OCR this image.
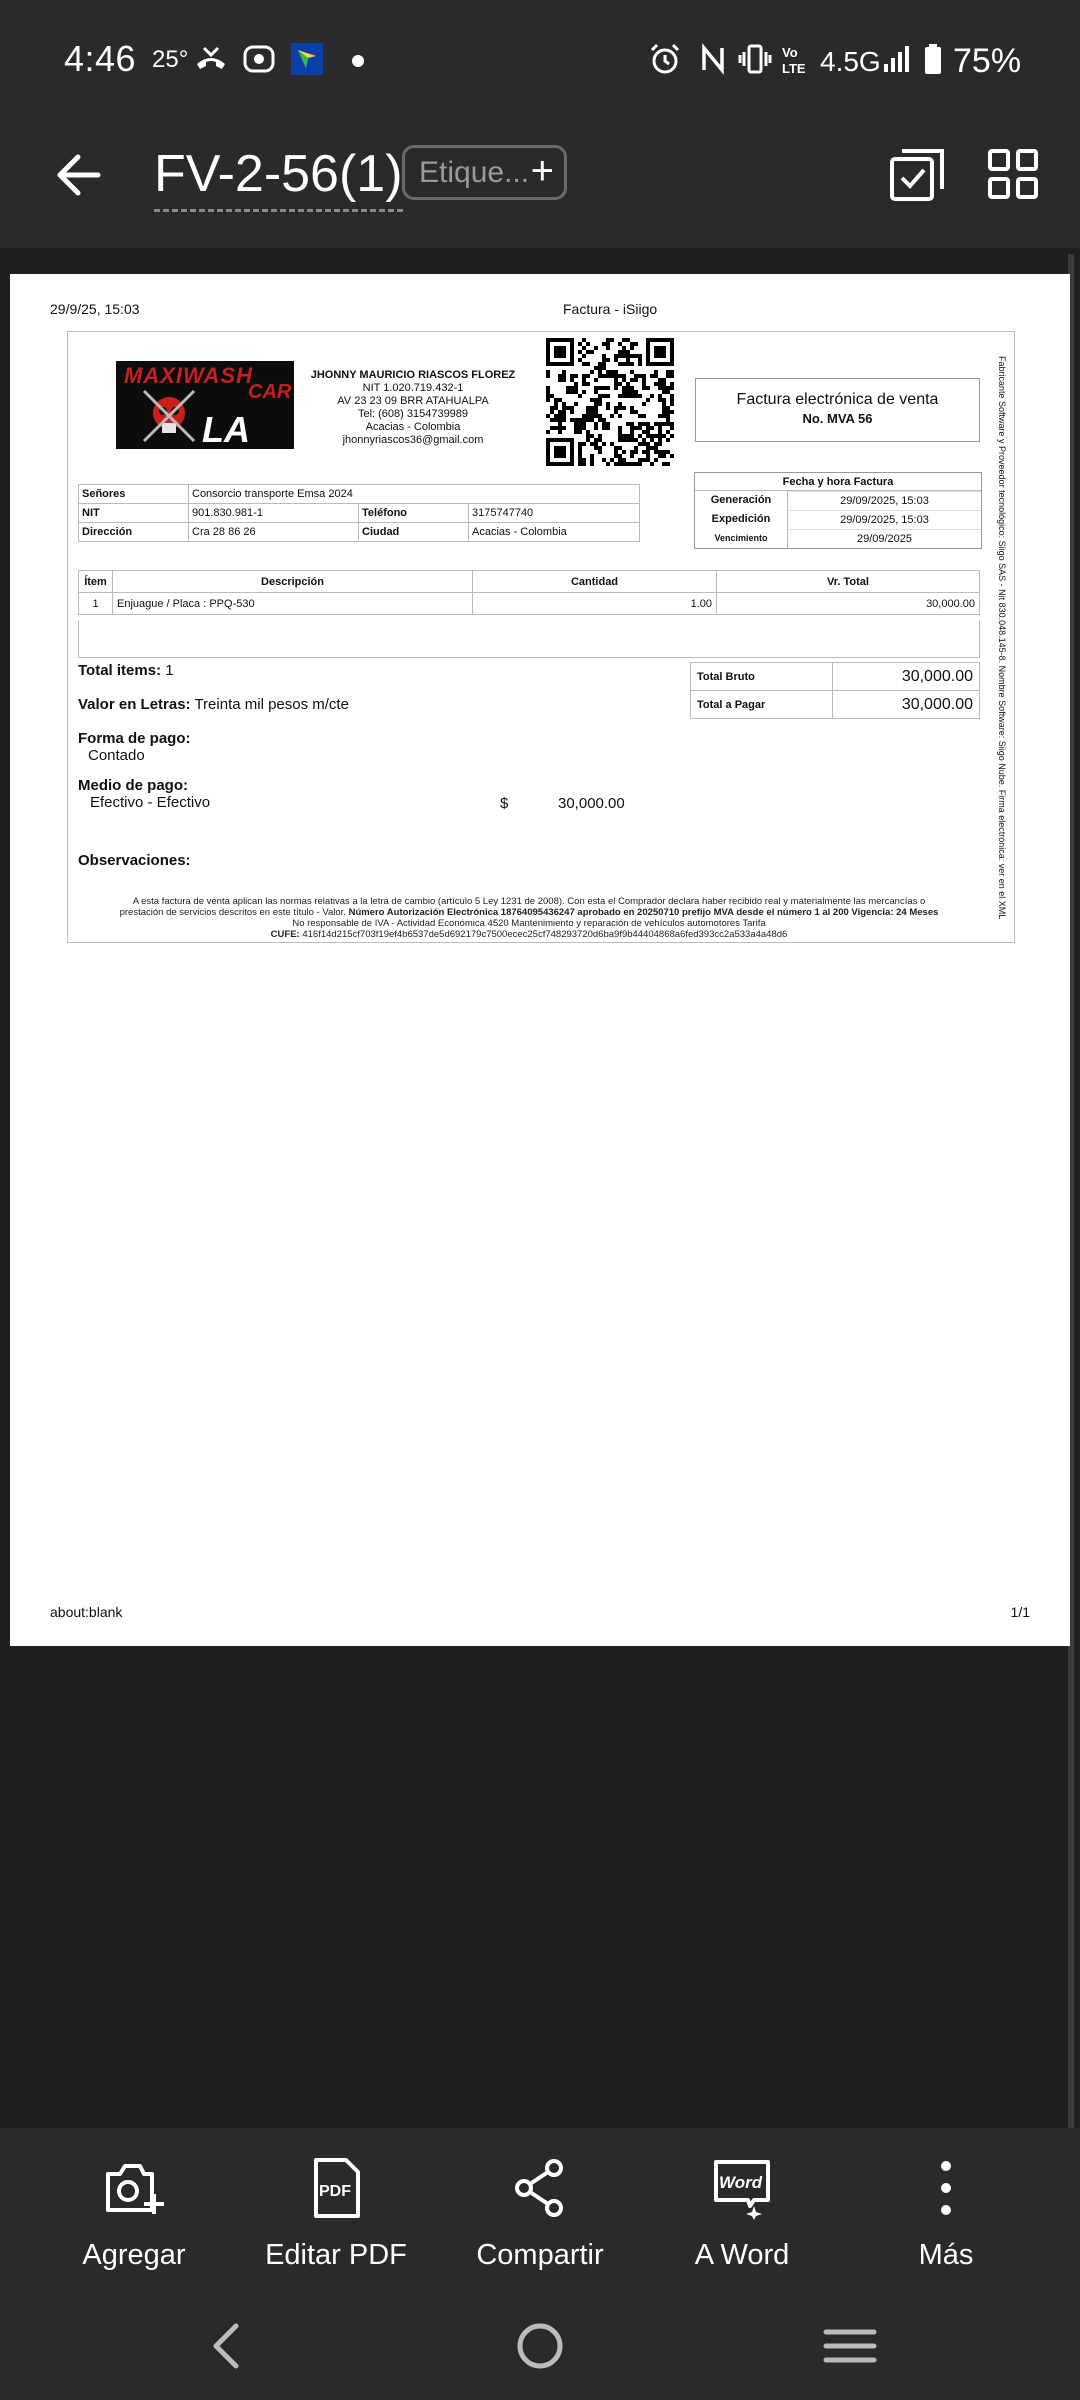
4:46 25°	Vo
LTE 4.5G 75%
FV-2-56(1) Etique... +
29/9/25, 15:03	Factura - iSiigo
MAXIWASH
CAR
LA 19
JHONNY MAURICIO RIASCOS FLOREZ
NIT 1.020.719.432-1
AV 23 23 09 BRR ATAHUALPA
Tel: (608) 3154739989
Acacias - Colombia
jhonnyriascos36@gmail.com
Factura electrónica de venta
No. MVA 56
Señores	Consorcio transporte Emsa 2024		
NIT	901.830.981-1	Teléfono	3175747740
Dirección	Cra 28 86 26	Ciudad	Acacias - Colombia
Fecha y hora Factura
Generación	29/09/2025, 15:03
Expedición	29/09/2025, 15:03
Vencimiento	29/09/2025
Ítem	Descripción	Cantidad	Vr. Total
1	Enjuague / Placa : PPQ-530	1.00	30,000.00
Total items: 1	Total Bruto	30,000.00
Total a Pagar	30,000.00
Valor en Letras: Treinta mil pesos m/cte
Forma de pago:
Contado
Medio de pago:
Efectivo - Efectivo	$	30,000.00
Observaciones:
A esta factura de venta aplican las normas relativas a la letra de cambio (artículo 5 Ley 1231 de 2008). Con esta el Comprador declara haber recibido real y materialmente las mercancías o
prestación de servicios descritos en este título - Valor. Número Autorización Electrónica 18764095436247 aprobado en 20250710 prefijo MVA desde el número 1 al 200 Vigencia: 24 Meses
No responsable de IVA - Actividad Económica 4520 Mantenimiento y reparación de vehículos automotores Tarifa
CUFE: 416f14d215cf703f19ef4b6537de5d692179c7500ecec25cf748293720d6ba9f9b44404868a6fed393cc2a533a4a48d6
Fabricante Software y Proveedor tecnológico: Siigo SAS - Nit 830.048.145-8. Nombre Software: Siigo Nube. Firma electrónica: ver en el XML
about:blank	1/1
Agregar
PDF
Editar PDF	Compartir
Word
A Word	Más
